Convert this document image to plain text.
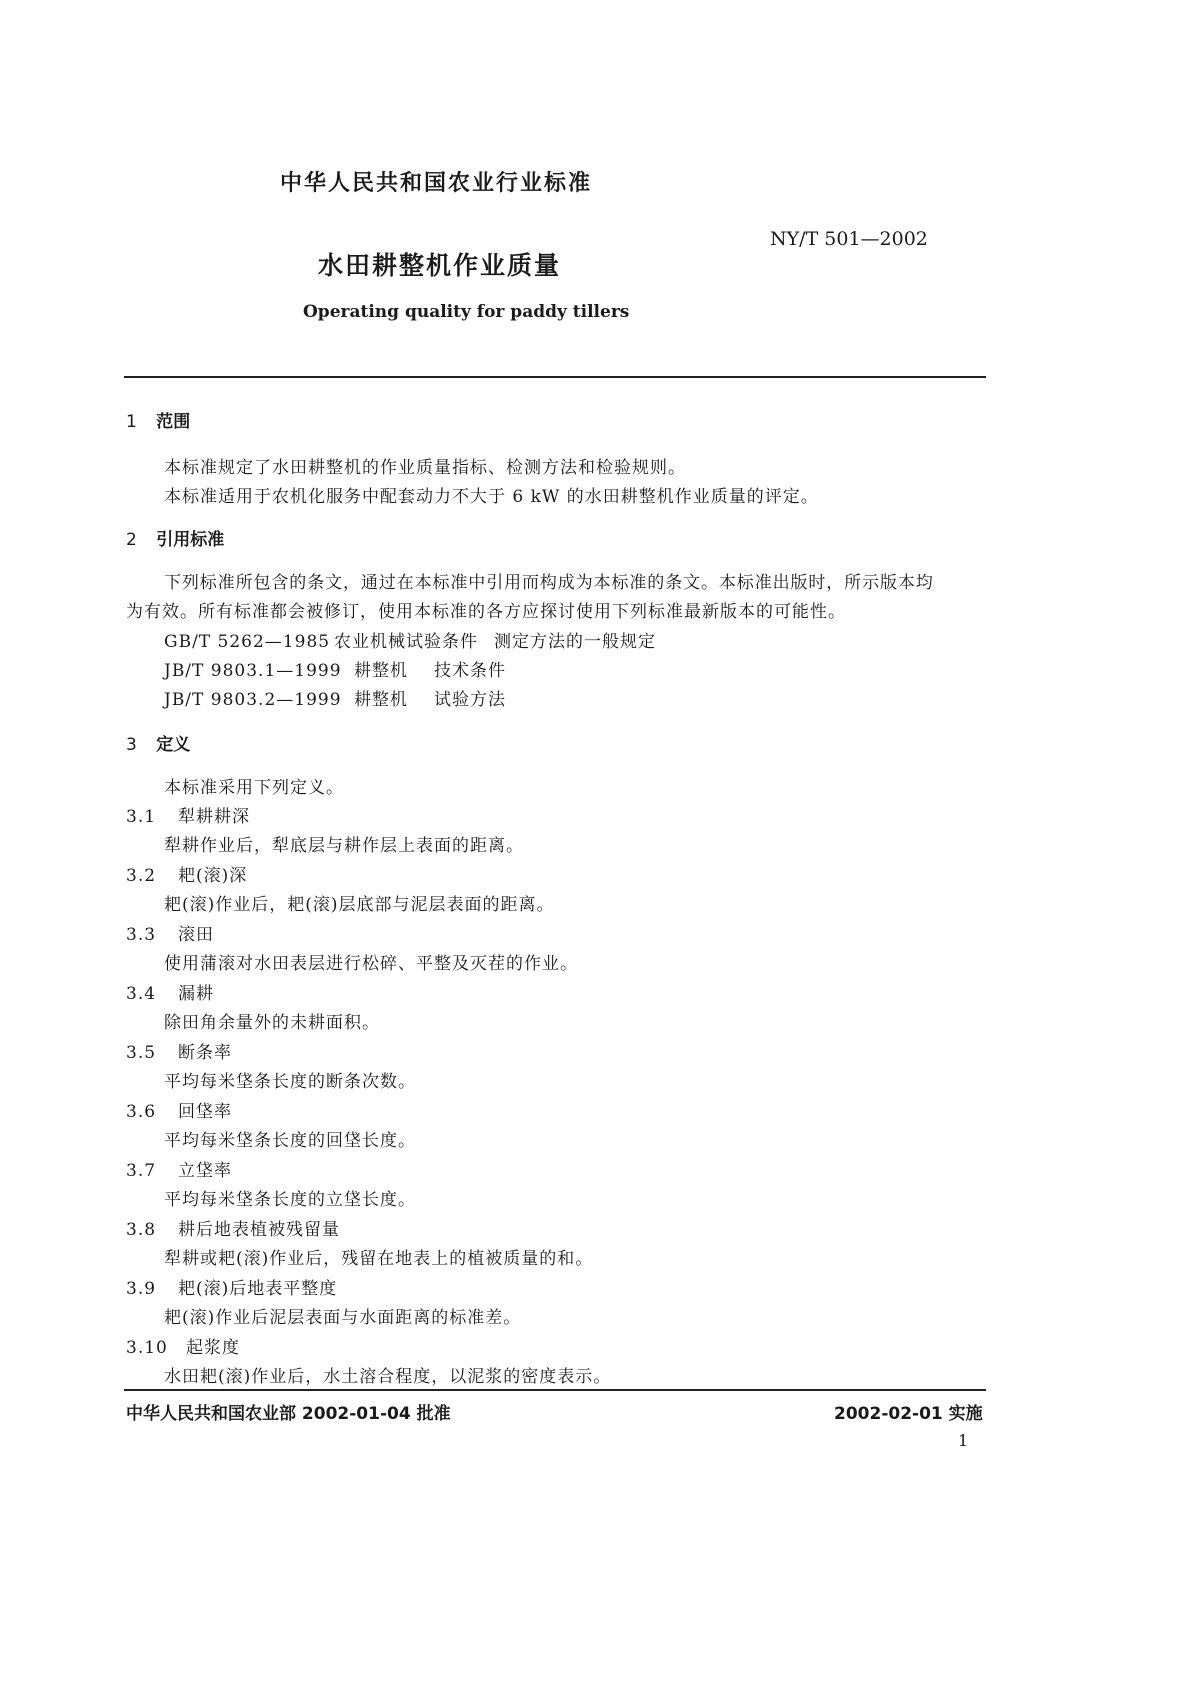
中华人民共和国农业行业标准
NY/T 501—2002
水田耕整机作业质量
Operating quality for paddy tillers
1 范围
本标准规定了水田耕整机的作业质量指标、检测方法和检验规则。
本标准适用于农机化服务中配套动力不大于 6 kW 的水田耕整机作业质量的评定。
2 引用标准
下列标准所包含的条文，通过在本标准中引用而构成为本标准的条文。本标准出版时，所示版本均
为有效。所有标准都会被修订，使用本标准的各方应探讨使用下列标准最新版本的可能性。
GB/T 5262—1985 农业机械试验条件 测定方法的一般规定
JB/T 9803.1—1999 耕整机 技术条件
JB/T 9803.2—1999 耕整机 试验方法
3 定义
本标准采用下列定义。
3.1 犁耕耕深
犁耕作业后，犁底层与耕作层上表面的距离。
3.2 耙(滚)深
耙(滚)作业后，耙(滚)层底部与泥层表面的距离。
3.3 滚田
使用蒲滚对水田表层进行松碎、平整及灭茬的作业。
3.4 漏耕
除田角余量外的未耕面积。
3.5 断条率
平均每米垡条长度的断条次数。
3.6 回垡率
平均每米垡条长度的回垡长度。
3.7 立垡率
平均每米垡条长度的立垡长度。
3.8 耕后地表植被残留量
犁耕或耙(滚)作业后，残留在地表上的植被质量的和。
3.9 耙(滚)后地表平整度
耙(滚)作业后泥层表面与水面距离的标准差。
3.10 起浆度
水田耙(滚)作业后，水土溶合程度，以泥浆的密度表示。
中华人民共和国农业部 2002-01-04 批准	2002-02-01 实施
1
